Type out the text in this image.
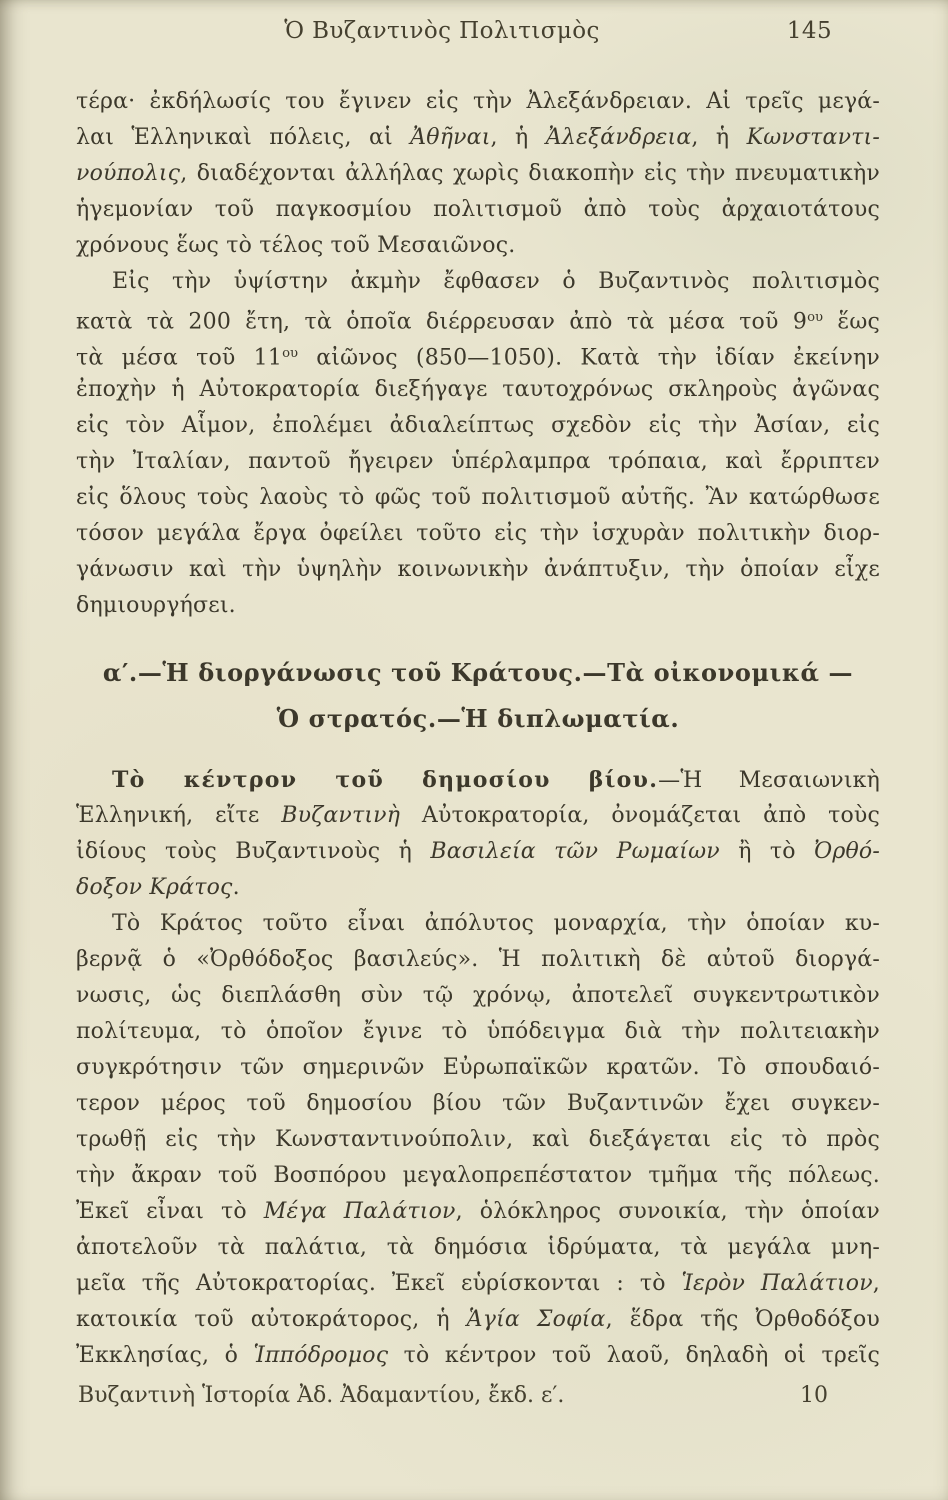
Ὁ Βυζαντινὸς Πολιτισμὸς	145
τέρα· ἐκδήλωσίς του ἔγινεν εἰς τὴν Ἀλεξάνδρειαν. Αἱ τρεῖς μεγά-
λαι Ἑλληνικαὶ πόλεις, αἱ Ἀθῆναι, ἡ Ἀλεξάνδρεια, ἡ Κωνσταντι-
νούπολις, διαδέχονται ἀλλήλας χωρὶς διακοπὴν εἰς τὴν πνευματικὴν
ἡγεμονίαν τοῦ παγκοσμίου πολιτισμοῦ ἀπὸ τοὺς ἀρχαιοτάτους
χρόνους ἕως τὸ τέλος τοῦ Μεσαιῶνος.
Εἰς τὴν ὑψίστην ἀκμὴν ἔφθασεν ὁ Βυζαντινὸς πολιτισμὸς
κατὰ τὰ 200 ἔτη, τὰ ὁποῖα διέρρευσαν ἀπὸ τὰ μέσα τοῦ $9^{o\upsilon}$ ἕως
τὰ μέσα τοῦ $11^{o\upsilon}$ αἰῶνος (850—1050). Κατὰ τὴν ἰδίαν ἐκείνην
ἐποχὴν ἡ Αὐτοκρατορία διεξήγαγε ταυτοχρόνως σκληροὺς ἀγῶνας
εἰς τὸν Αἷμον, ἐπολέμει ἀδιαλείπτως σχεδὸν εἰς τὴν Ἀσίαν, εἰς
τὴν Ἰταλίαν, παντοῦ ἤγειρεν ὑπέρλαμπρα τρόπαια, καὶ ἔρριπτεν
εἰς ὅλους τοὺς λαοὺς τὸ φῶς τοῦ πολιτισμοῦ αὐτῆς. Ἂν κατώρθωσε
τόσον μεγάλα ἔργα ὀφείλει τοῦτο εἰς τὴν ἰσχυρὰν πολιτικὴν διορ-
γάνωσιν καὶ τὴν ὑψηλὴν κοινωνικὴν ἀνάπτυξιν, τὴν ὁποίαν εἶχε
δημιουργήσει.
α′.—Ἡ διοργάνωσις τοῦ Κράτους.—Τὰ οἰκονομικά —
Ὁ στρατός.—Ἡ διπλωματία.
Τὸ κέντρον τοῦ δημοσίου βίου.—Ἡ Μεσαιωνικὴ
Ἑλληνική, εἴτε Βυζαντινὴ Αὐτοκρατορία, ὀνομάζεται ἀπὸ τοὺς
ἰδίους τοὺς Βυζαντινοὺς ἡ Βασιλεία τῶν Ρωμαίων ἢ τὸ Ὀρθό-
δοξον Κράτος.
Τὸ Κράτος τοῦτο εἶναι ἀπόλυτος μοναρχία, τὴν ὁποίαν κυ-
βερνᾷ ὁ «Ὀρθόδοξος βασιλεύς». Ἡ πολιτικὴ δὲ αὐτοῦ διοργά-
νωσις, ὡς διεπλάσθη σὺν τῷ χρόνῳ, ἀποτελεῖ συγκεντρωτικὸν
πολίτευμα, τὸ ὁποῖον ἔγινε τὸ ὑπόδειγμα διὰ τὴν πολιτειακὴν
συγκρότησιν τῶν σημερινῶν Εὐρωπαϊκῶν κρατῶν. Τὸ σπουδαιό-
τερον μέρος τοῦ δημοσίου βίου τῶν Βυζαντινῶν ἔχει συγκεν-
τρωθῇ εἰς τὴν Κωνσταντινούπολιν, καὶ διεξάγεται εἰς τὸ πρὸς
τὴν ἄκραν τοῦ Βοσπόρου μεγαλοπρεπέστατον τμῆμα τῆς πόλεως.
Ἐκεῖ εἶναι τὸ Μέγα Παλάτιον, ὁλόκληρος συνοικία, τὴν ὁποίαν
ἀποτελοῦν τὰ παλάτια, τὰ δημόσια ἱδρύματα, τὰ μεγάλα μνη-
μεῖα τῆς Αὐτοκρατορίας. Ἐκεῖ εὑρίσκονται : τὸ Ἱερὸν Παλάτιον,
κατοικία τοῦ αὐτοκράτορος, ἡ Ἁγία Σοφία, ἕδρα τῆς Ὀρθοδόξου
Ἐκκλησίας, ὁ Ἱππόδρομος τὸ κέντρον τοῦ λαοῦ, δηλαδὴ οἱ τρεῖς
Βυζαντινὴ Ἱστορία Ἀδ. Ἀδαμαντίου, ἔκδ. ε′.	10
